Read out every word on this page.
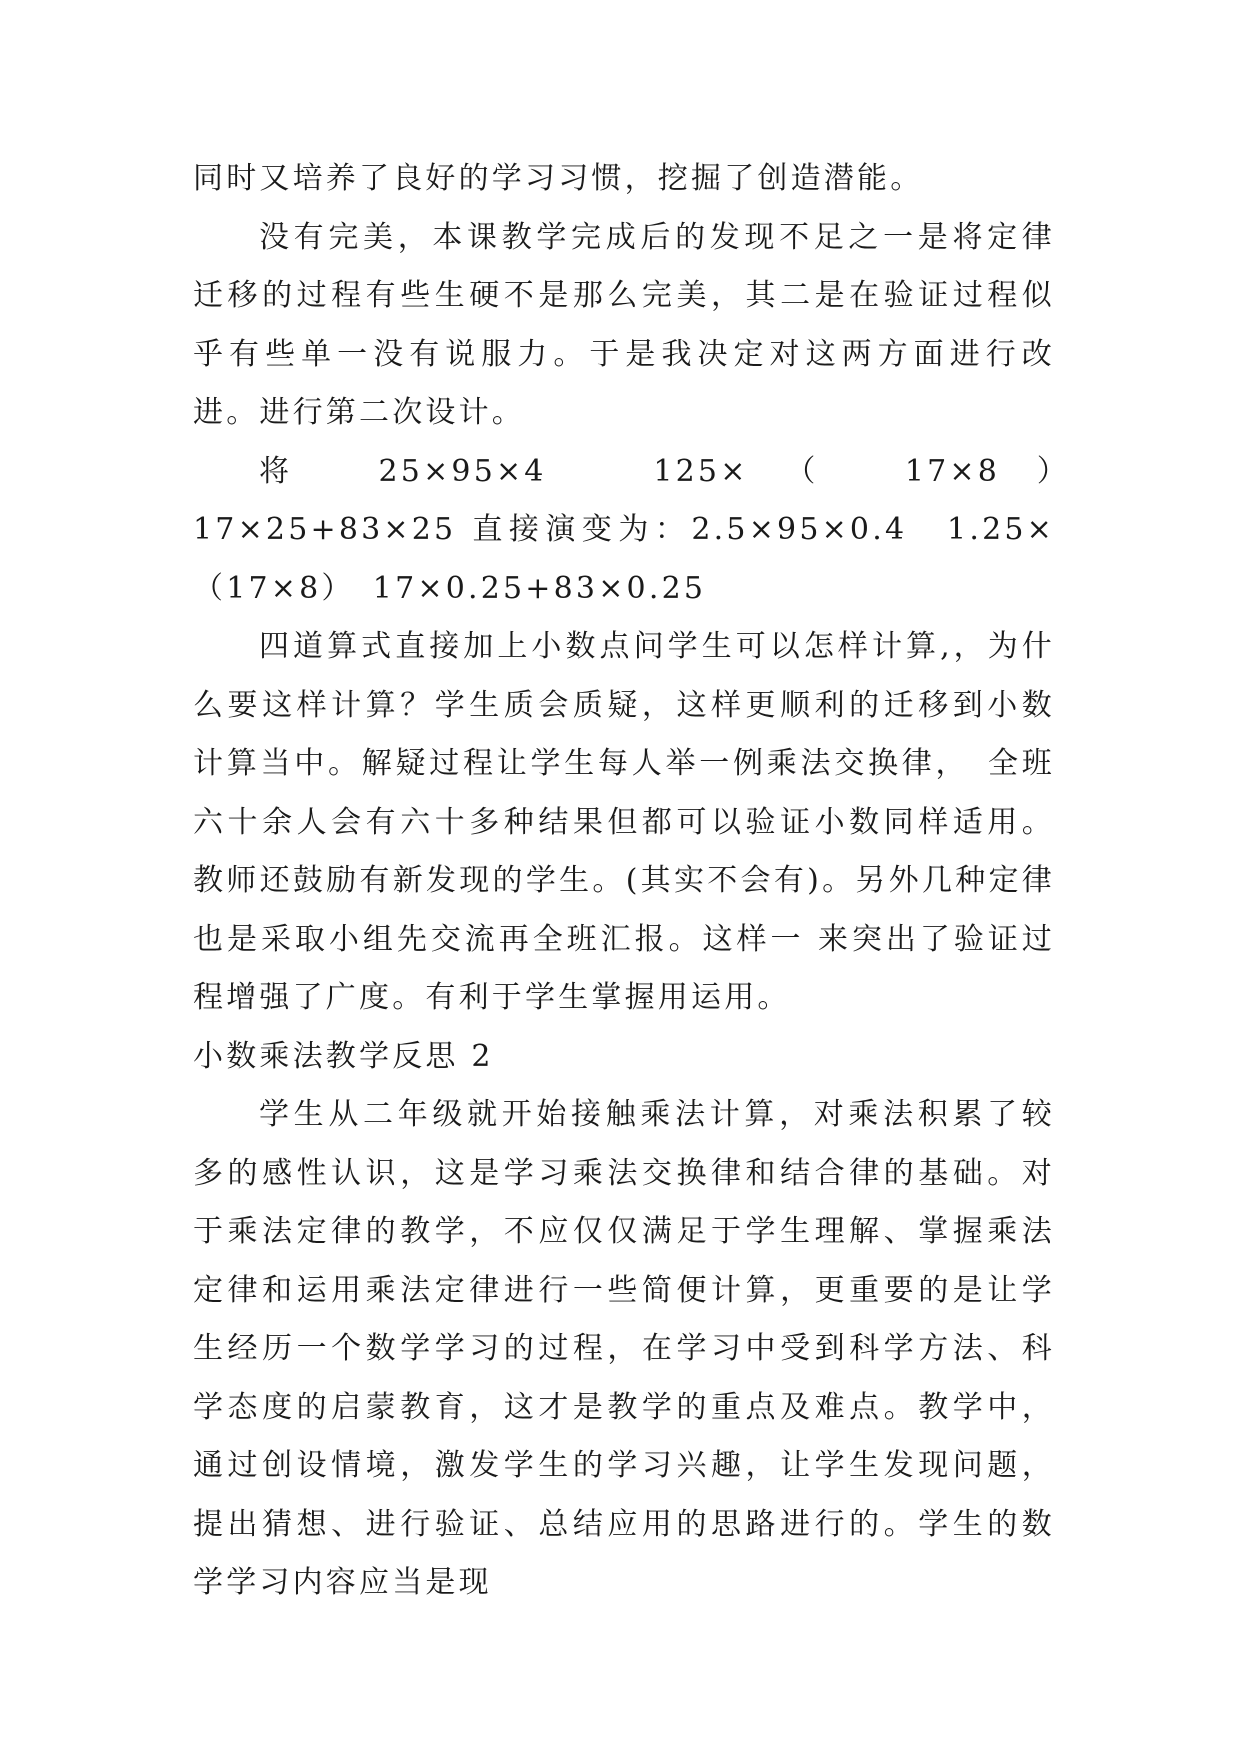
同时又培养了良好的学习习惯，挖掘了创造潜能。

没有完美，本课教学完成后的发现不足之一是将定律迁移的过程有些生硬不是那么完美，其二是在验证过程似乎有些单一没有说服力。于是我决定对这两方面进行改进。进行第二次设计。

将 25×95×4　125×（ 17×8）　17×25+83×25 直接演变为：2.5×95×0.4　1.25×（17×8）　17×0.25+83×0.25

四道算式直接加上小数点问学生可以怎样计算,，为什么要这样计算？学生质会质疑，这样更顺利的迁移到小数计算当中。解疑过程让学生每人举一例乘法交换律，　全班六十余人会有六十多种结果但都可以验证小数同样适用。教师还鼓励有新发现的学生。(其实不会有)。另外几种定律也是采取小组先交流再全班汇报。这样一 来突出了验证过程增强了广度。有利于学生掌握用运用。

小数乘法教学反思 2

学生从二年级就开始接触乘法计算，对乘法积累了较多的感性认识，这是学习乘法交换律和结合律的基础。对于乘法定律的教学，不应仅仅满足于学生理解、掌握乘法定律和运用乘法定律进行一些简便计算，更重要的是让学生经历一个数学学习的过程，在学习中受到科学方法、科学态度的启蒙教育，这才是教学的重点及难点。教学中，通过创设情境，激发学生的学习兴趣，让学生发现问题，提出猜想、进行验证、总结应用的思路进行的。学生的数学学习内容应当是现
